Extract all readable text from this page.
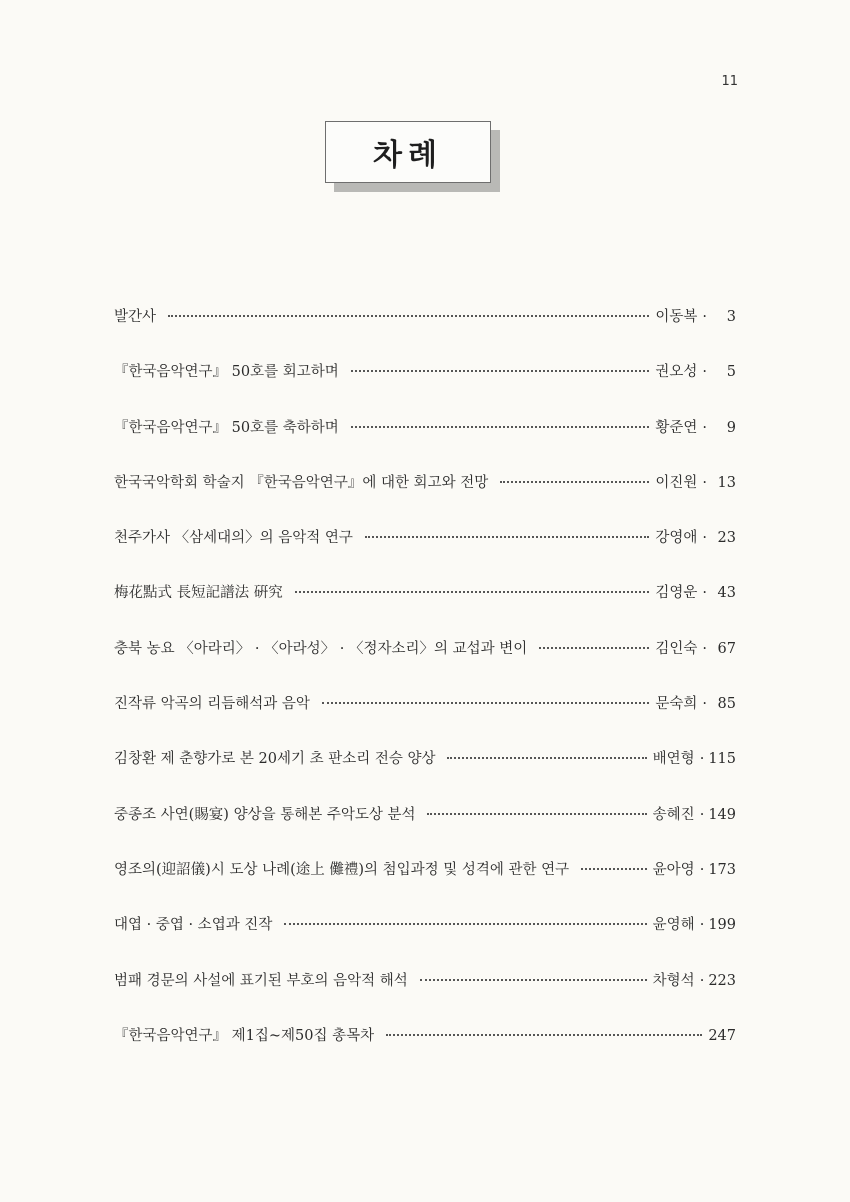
11
차례
발간사	이동복 ·	3
『한국음악연구』 50호를 회고하며	권오성 ·	5
『한국음악연구』 50호를 축하하며	황준연 ·	9
한국국악학회 학술지 『한국음악연구』에 대한 회고와 전망	이진원 · 13
천주가사 〈삼세대의〉의 음악적 연구	강영애 · 23
梅花點式 長短記譜法 硏究	김영운 · 43
충북 농요 〈아라리〉 · 〈아라성〉 · 〈정자소리〉의 교섭과 변이	김인숙 · 67
진작류 악곡의 리듬해석과 음악	문숙희 · 85
김창환 제 춘향가로 본 20세기 초 판소리 전승 양상	배연형 · 115
중종조 사연(賜宴) 양상을 통해본 주악도상 분석	송혜진 · 149
영조의(迎詔儀)시 도상 나례(途上 儺禮)의 첨입과정 및 성격에 관한 연구	윤아영 · 173
대엽 · 중엽 · 소엽과 진작	윤영해 · 199
범패 경문의 사설에 표기된 부호의 음악적 해석	차형석 · 223
『한국음악연구』 제1집~제50집 총목차	247
